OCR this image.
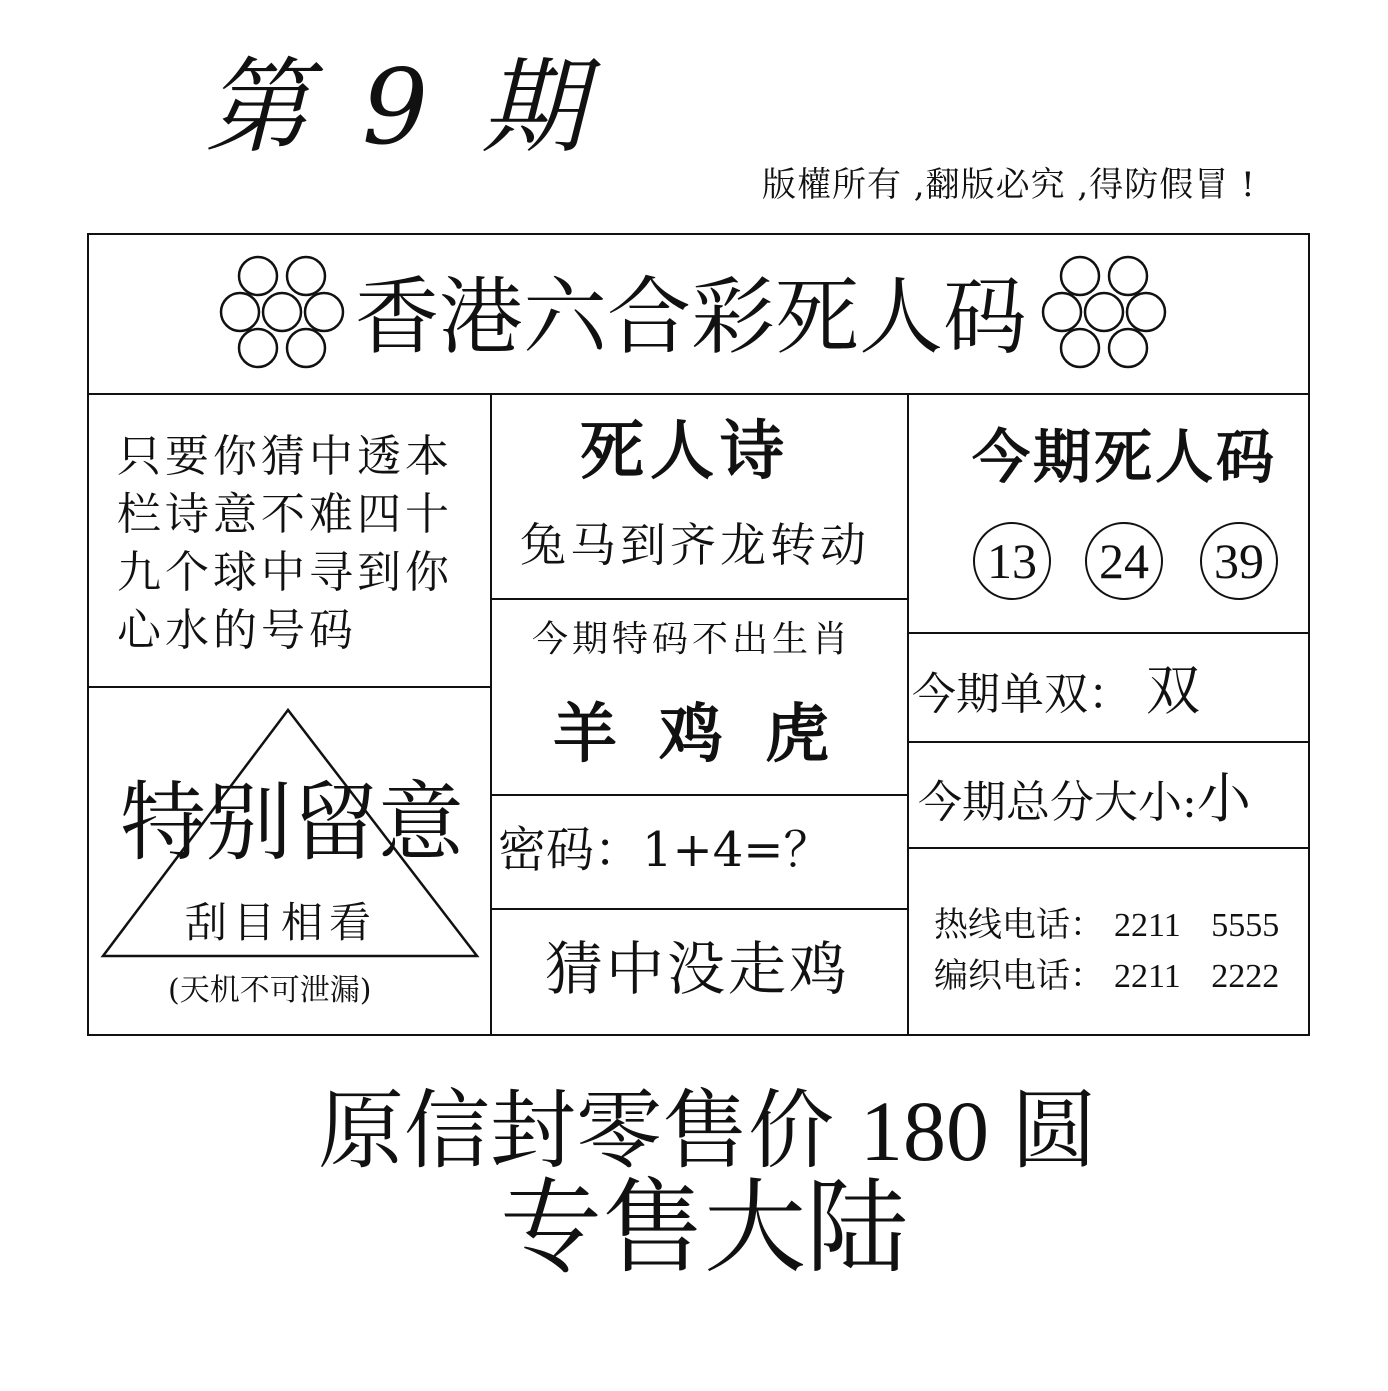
第 9 期
版權所有 ,翻版必究 ,得防假冒 !
香港六合彩死人码
只要你猜中透本
栏诗意不难四十
九个球中寻到你
心水的号码
特别留意
刮目相看
(天机不可泄漏)
死人诗
兔马到齐龙转动
今期特码不出生肖
羊 鸡 虎
密码：1+4=？
猜中没走鸡
今期死人码
13 24 39
今期单双： 双
今期总分大小:小
热线电话： 2211 5555
编织电话： 2211 2222
原信封零售价 180 圆
专售大陆
